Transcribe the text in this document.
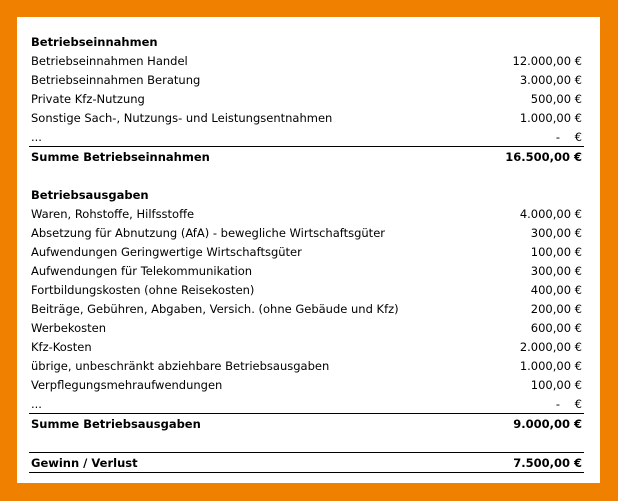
Betriebseinnahmen
Betriebseinnahmen Handel	12.000,00 €
Betriebseinnahmen Beratung	3.000,00 €
Private Kfz-Nutzung	500,00 €
Sonstige Sach-, Nutzungs- und Leistungsentnahmen	1.000,00 €
...	-    €
Summe Betriebseinnahmen	16.500,00 €
Betriebsausgaben
Waren, Rohstoffe, Hilfsstoffe	4.000,00 €
Absetzung für Abnutzung (AfA) - bewegliche Wirtschaftsgüter	300,00 €
Aufwendungen Geringwertige Wirtschaftsgüter	100,00 €
Aufwendungen für Telekommunikation	300,00 €
Fortbildungskosten (ohne Reisekosten)	400,00 €
Beiträge, Gebühren, Abgaben, Versich. (ohne Gebäude und Kfz)	200,00 €
Werbekosten	600,00 €
Kfz-Kosten	2.000,00 €
übrige, unbeschränkt abziehbare Betriebsausgaben	1.000,00 €
Verpflegungsmehraufwendungen	100,00 €
...	-    €
Summe Betriebsausgaben	9.000,00 €
Gewinn / Verlust	7.500,00 €
